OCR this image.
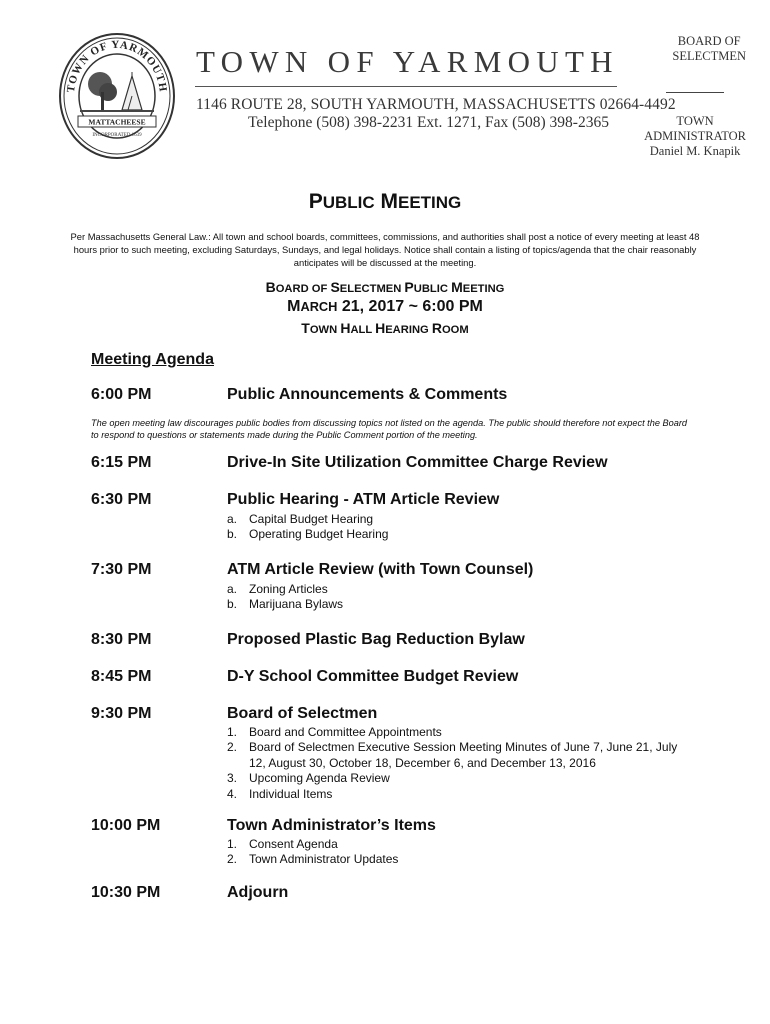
TOWN OF YARMOUTH
MATTACHEESE
INCORPORATED 1639
TOWN OF YARMOUTH
1146 ROUTE 28, SOUTH YARMOUTH, MASSACHUSETTS 02664-4492
Telephone (508) 398-2231 Ext. 1271, Fax (508) 398-2365
BOARD OF
SELECTMEN
TOWN
ADMINISTRATOR
Daniel M. Knapik
PUBLIC MEETING
Per Massachusetts General Law.: All town and school boards, committees, commissions, and authorities shall post a notice of every meeting at least 48 hours prior to such meeting, excluding Saturdays, Sundays, and legal holidays. Notice shall contain a listing of topics/agenda that the chair reasonably anticipates will be discussed at the meeting.
BOARD OF SELECTMEN PUBLIC MEETING
MARCH 21, 2017 ~ 6:00 PM
TOWN HALL HEARING ROOM
Meeting Agenda
6:00 PM	Public Announcements & Comments
The open meeting law discourages public bodies from discussing topics not listed on the agenda. The public should therefore not expect the Board to respond to questions or statements made during the Public Comment portion of the meeting.
6:15 PM	Drive-In Site Utilization Committee Charge Review
6:30 PM	Public Hearing - ATM Article Review
a. Capital Budget Hearing
b. Operating Budget Hearing
7:30 PM	ATM Article Review (with Town Counsel)
a. Zoning Articles
b. Marijuana Bylaws
8:30 PM	Proposed Plastic Bag Reduction Bylaw
8:45 PM	D-Y School Committee Budget Review
9:30 PM	Board of Selectmen
1. Board and Committee Appointments
2. Board of Selectmen Executive Session Meeting Minutes of June 7, June 21, July 12, August 30, October 18, December 6, and December 13, 2016
3. Upcoming Agenda Review
4. Individual Items
10:00 PM	Town Administrator’s Items
1. Consent Agenda
2. Town Administrator Updates
10:30 PM	Adjourn
